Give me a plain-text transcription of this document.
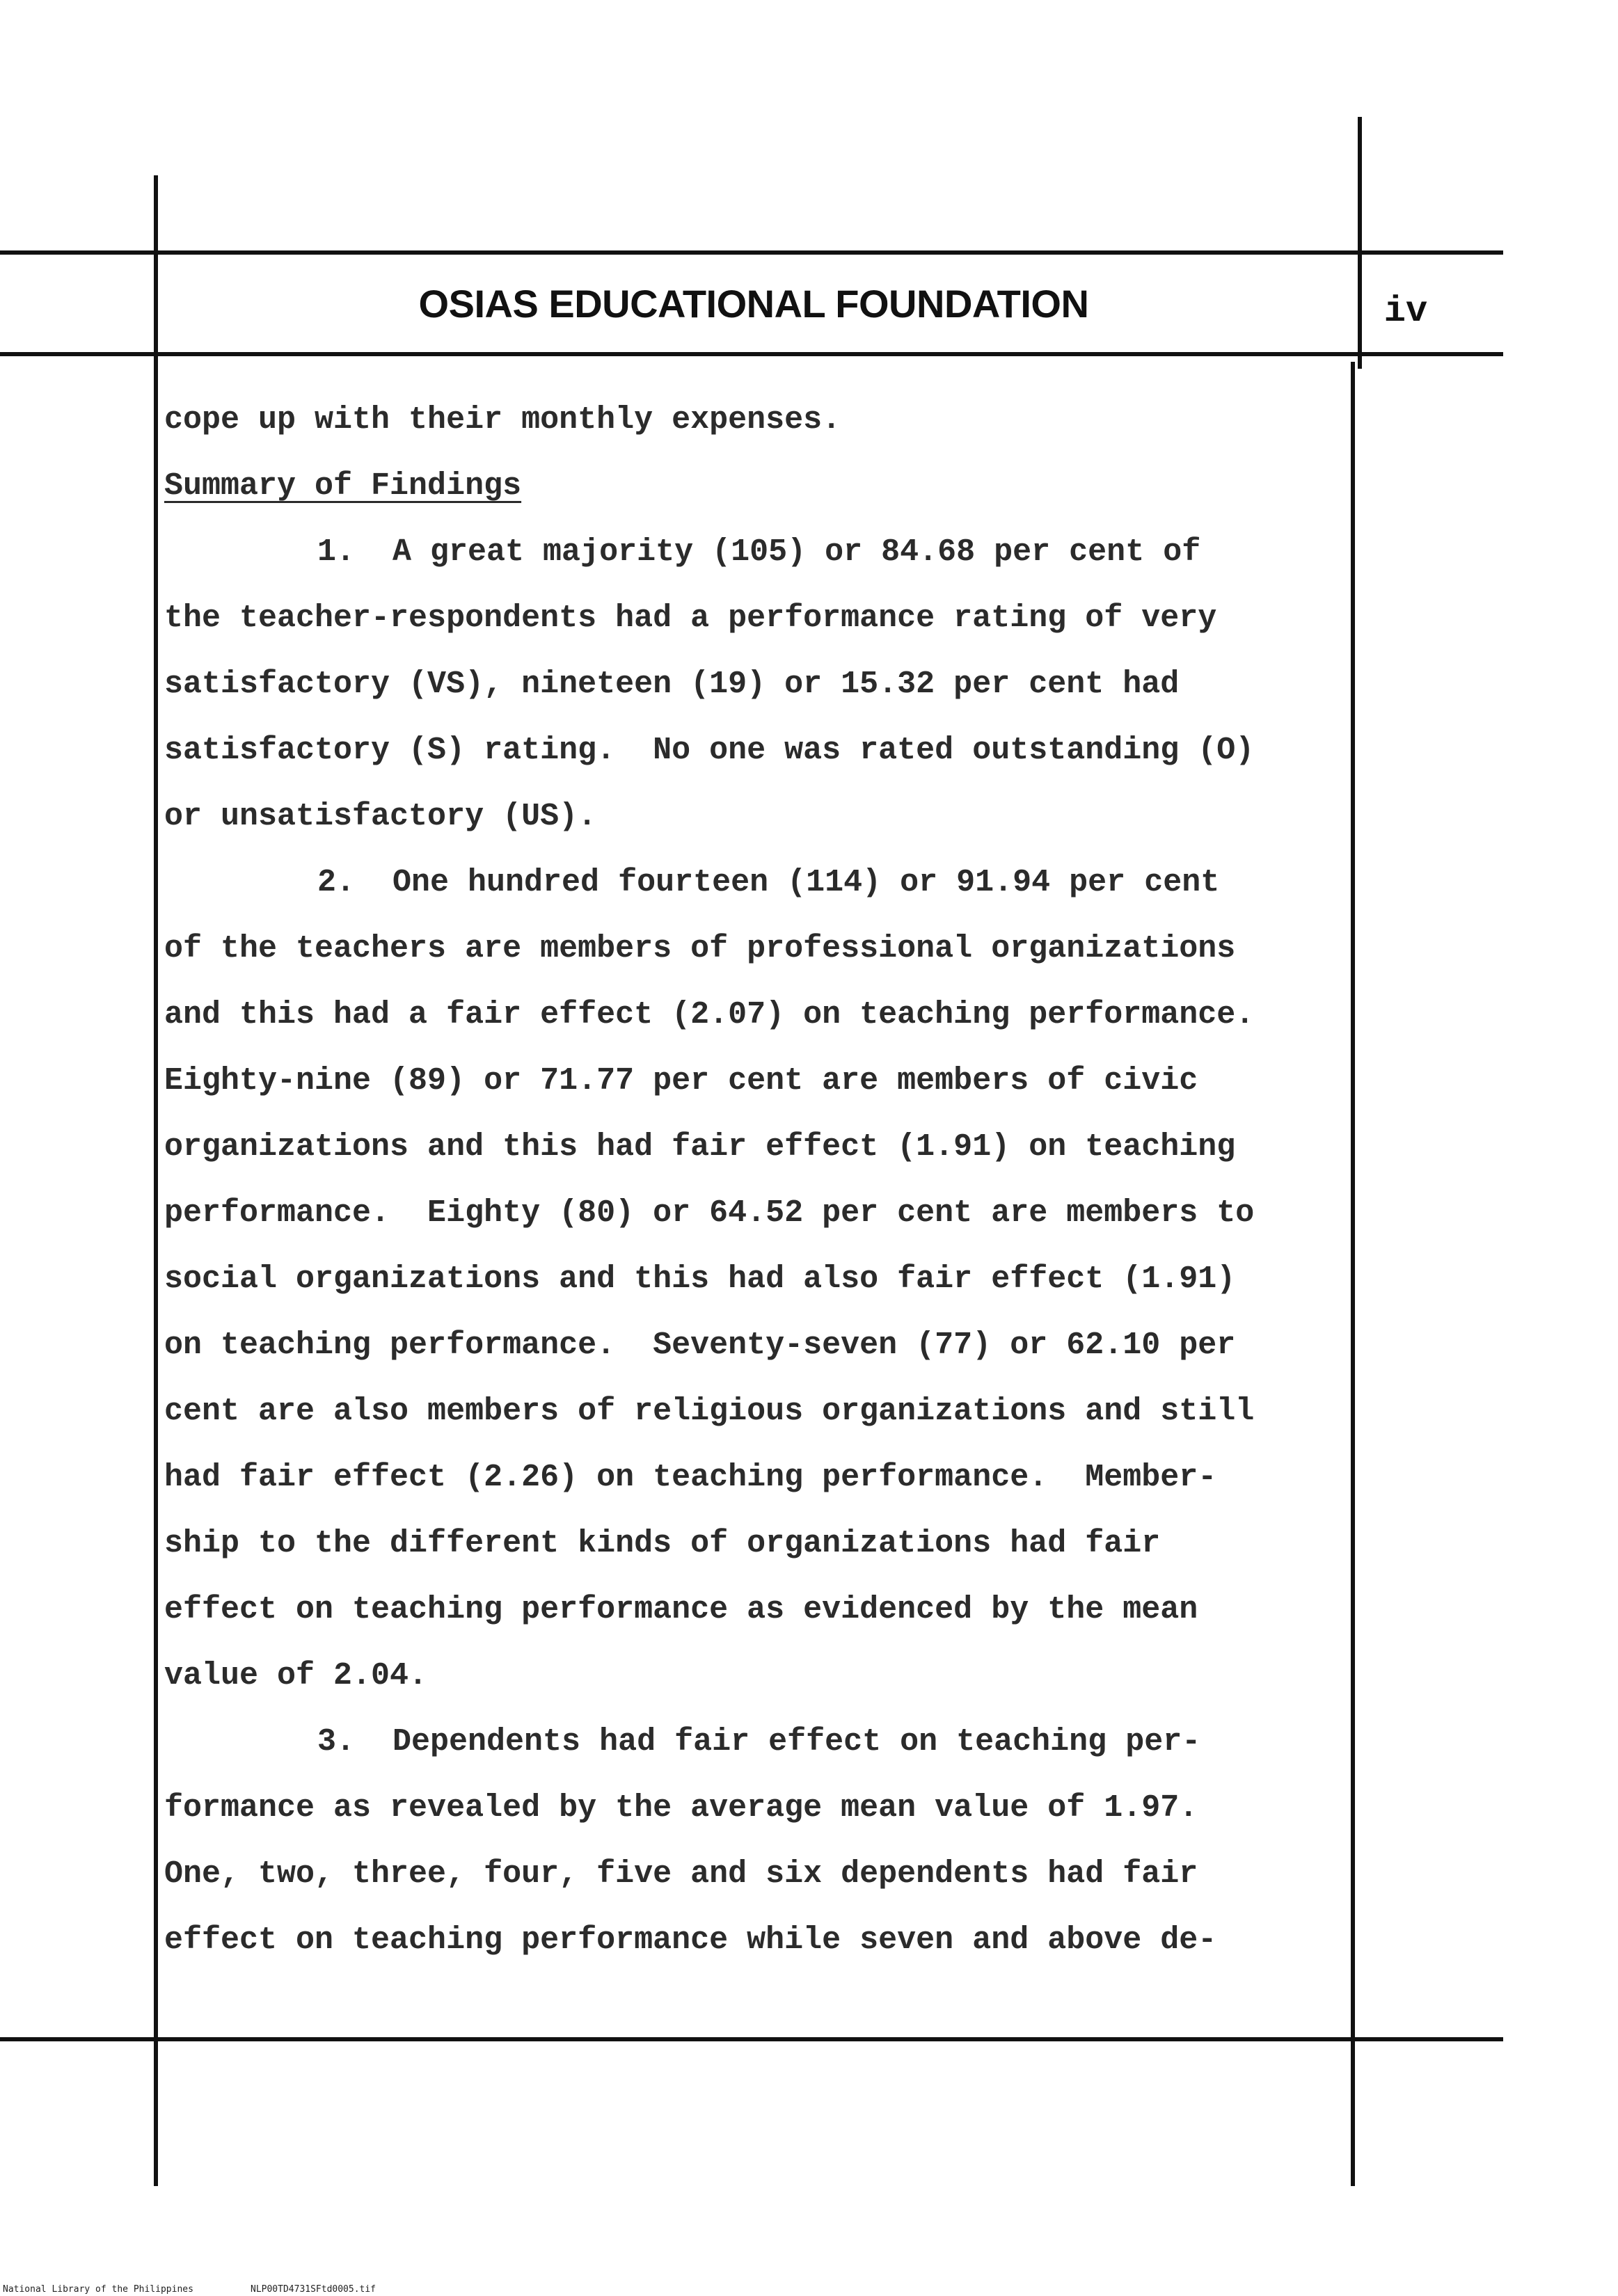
OSIAS EDUCATIONAL FOUNDATION	iv
cope up with their monthly expenses.
Summary of Findings
1.  A great majority (105) or 84.68 per cent of
the teacher-respondents had a performance rating of very
satisfactory (VS), nineteen (19) or 15.32 per cent had
satisfactory (S) rating.  No one was rated outstanding (O)
or unsatisfactory (US).
2.  One hundred fourteen (114) or 91.94 per cent
of the teachers are members of professional organizations
and this had a fair effect (2.07) on teaching performance.
Eighty-nine (89) or 71.77 per cent are members of civic
organizations and this had fair effect (1.91) on teaching
performance.  Eighty (80) or 64.52 per cent are members to
social organizations and this had also fair effect (1.91)
on teaching performance.  Seventy-seven (77) or 62.10 per
cent are also members of religious organizations and still
had fair effect (2.26) on teaching performance.  Member-
ship to the different kinds of organizations had fair
effect on teaching performance as evidenced by the mean
value of 2.04.
3.  Dependents had fair effect on teaching per-
formance as revealed by the average mean value of 1.97.
One, two, three, four, five and six dependents had fair
effect on teaching performance while seven and above de-
National Library of the Philippines	NLP00TD4731SFtd0005.tif
